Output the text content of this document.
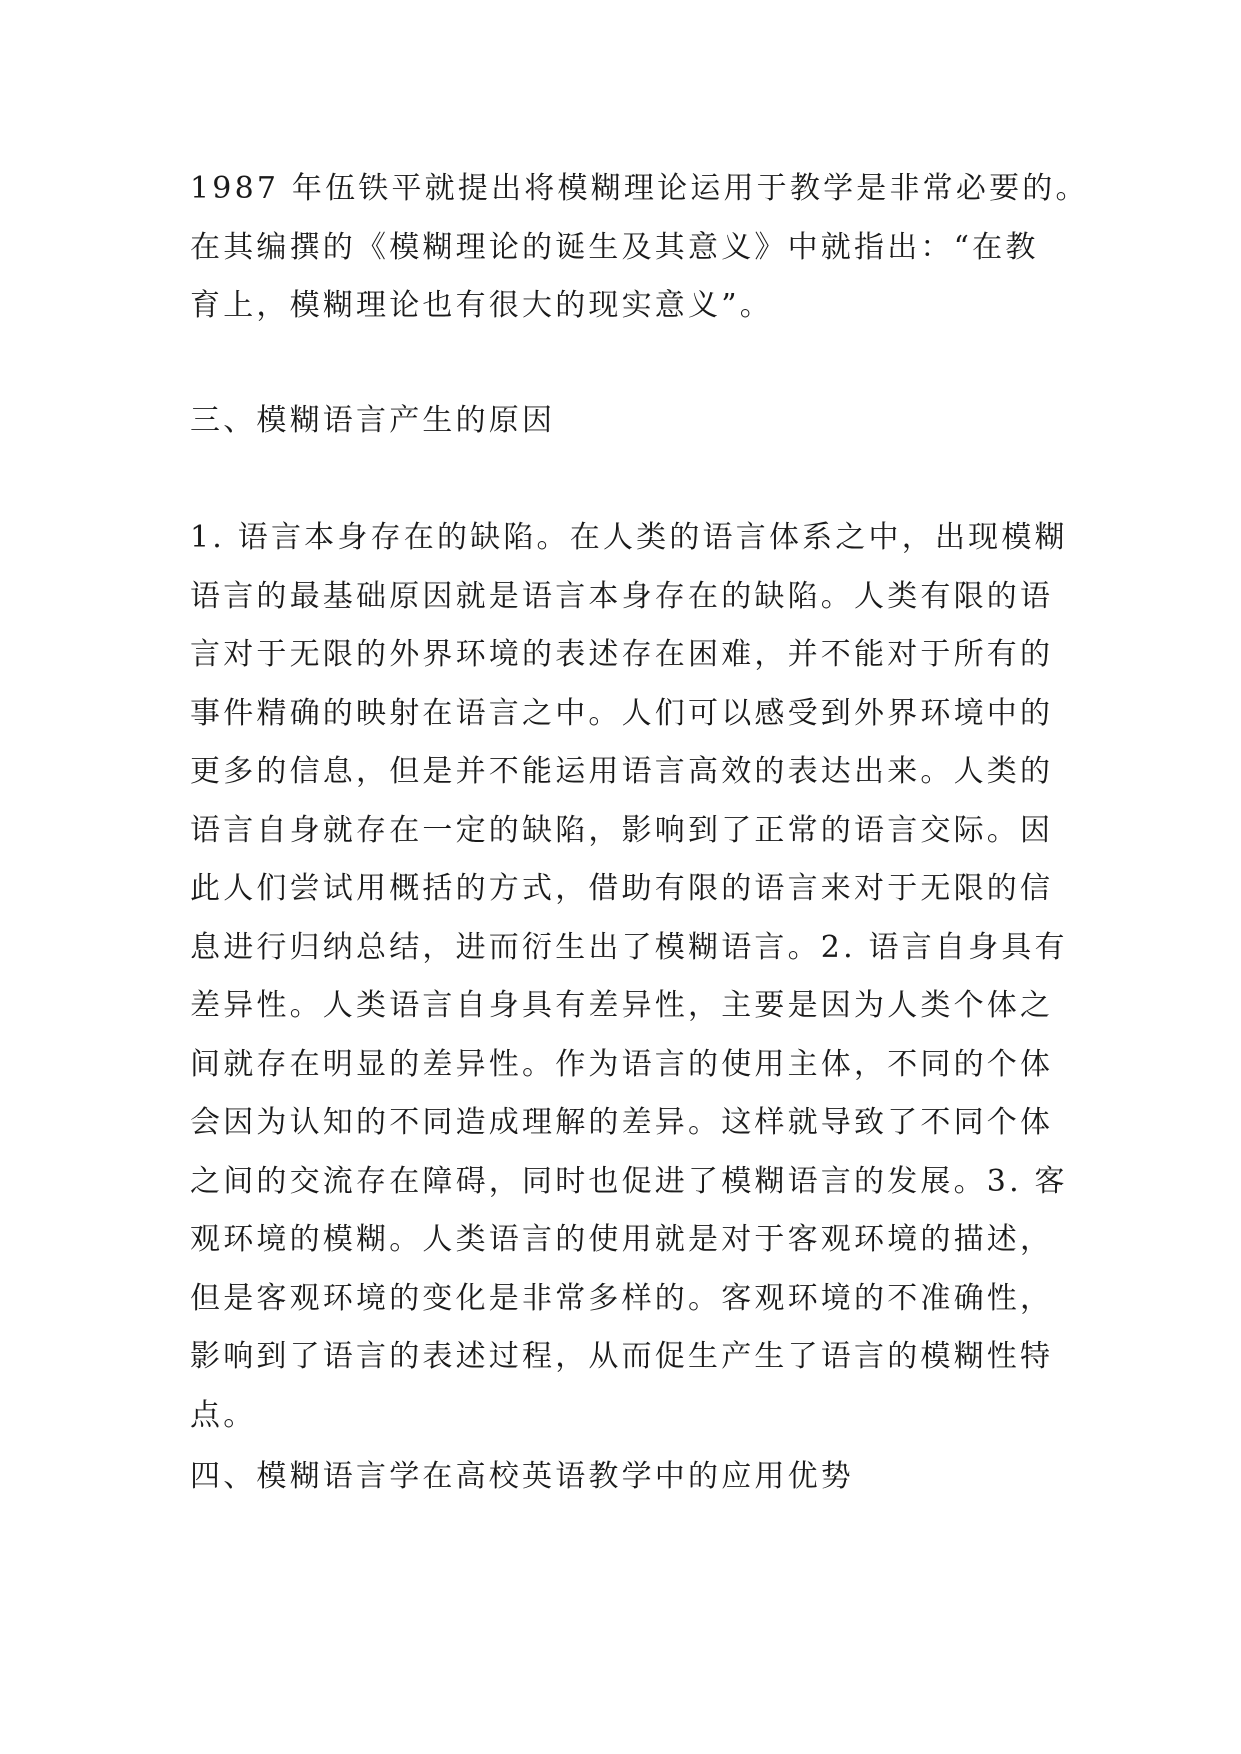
1987 年伍铁平就提出将模糊理论运用于教学是非常必要的。
在其编撰的《模糊理论的诞生及其意义》中就指出：“在教
育上，模糊理论也有很大的现实意义”。
三、模糊语言产生的原因
1. 语言本身存在的缺陷。在人类的语言体系之中，出现模糊
语言的最基础原因就是语言本身存在的缺陷。人类有限的语
言对于无限的外界环境的表述存在困难，并不能对于所有的
事件精确的映射在语言之中。人们可以感受到外界环境中的
更多的信息，但是并不能运用语言高效的表达出来。人类的
语言自身就存在一定的缺陷，影响到了正常的语言交际。因
此人们尝试用概括的方式，借助有限的语言来对于无限的信
息进行归纳总结，进而衍生出了模糊语言。2. 语言自身具有
差异性。人类语言自身具有差异性，主要是因为人类个体之
间就存在明显的差异性。作为语言的使用主体，不同的个体
会因为认知的不同造成理解的差异。这样就导致了不同个体
之间的交流存在障碍，同时也促进了模糊语言的发展。3. 客
观环境的模糊。人类语言的使用就是对于客观环境的描述，
但是客观环境的变化是非常多样的。客观环境的不准确性，
影响到了语言的表述过程，从而促生产生了语言的模糊性特
点。
四、模糊语言学在高校英语教学中的应用优势
